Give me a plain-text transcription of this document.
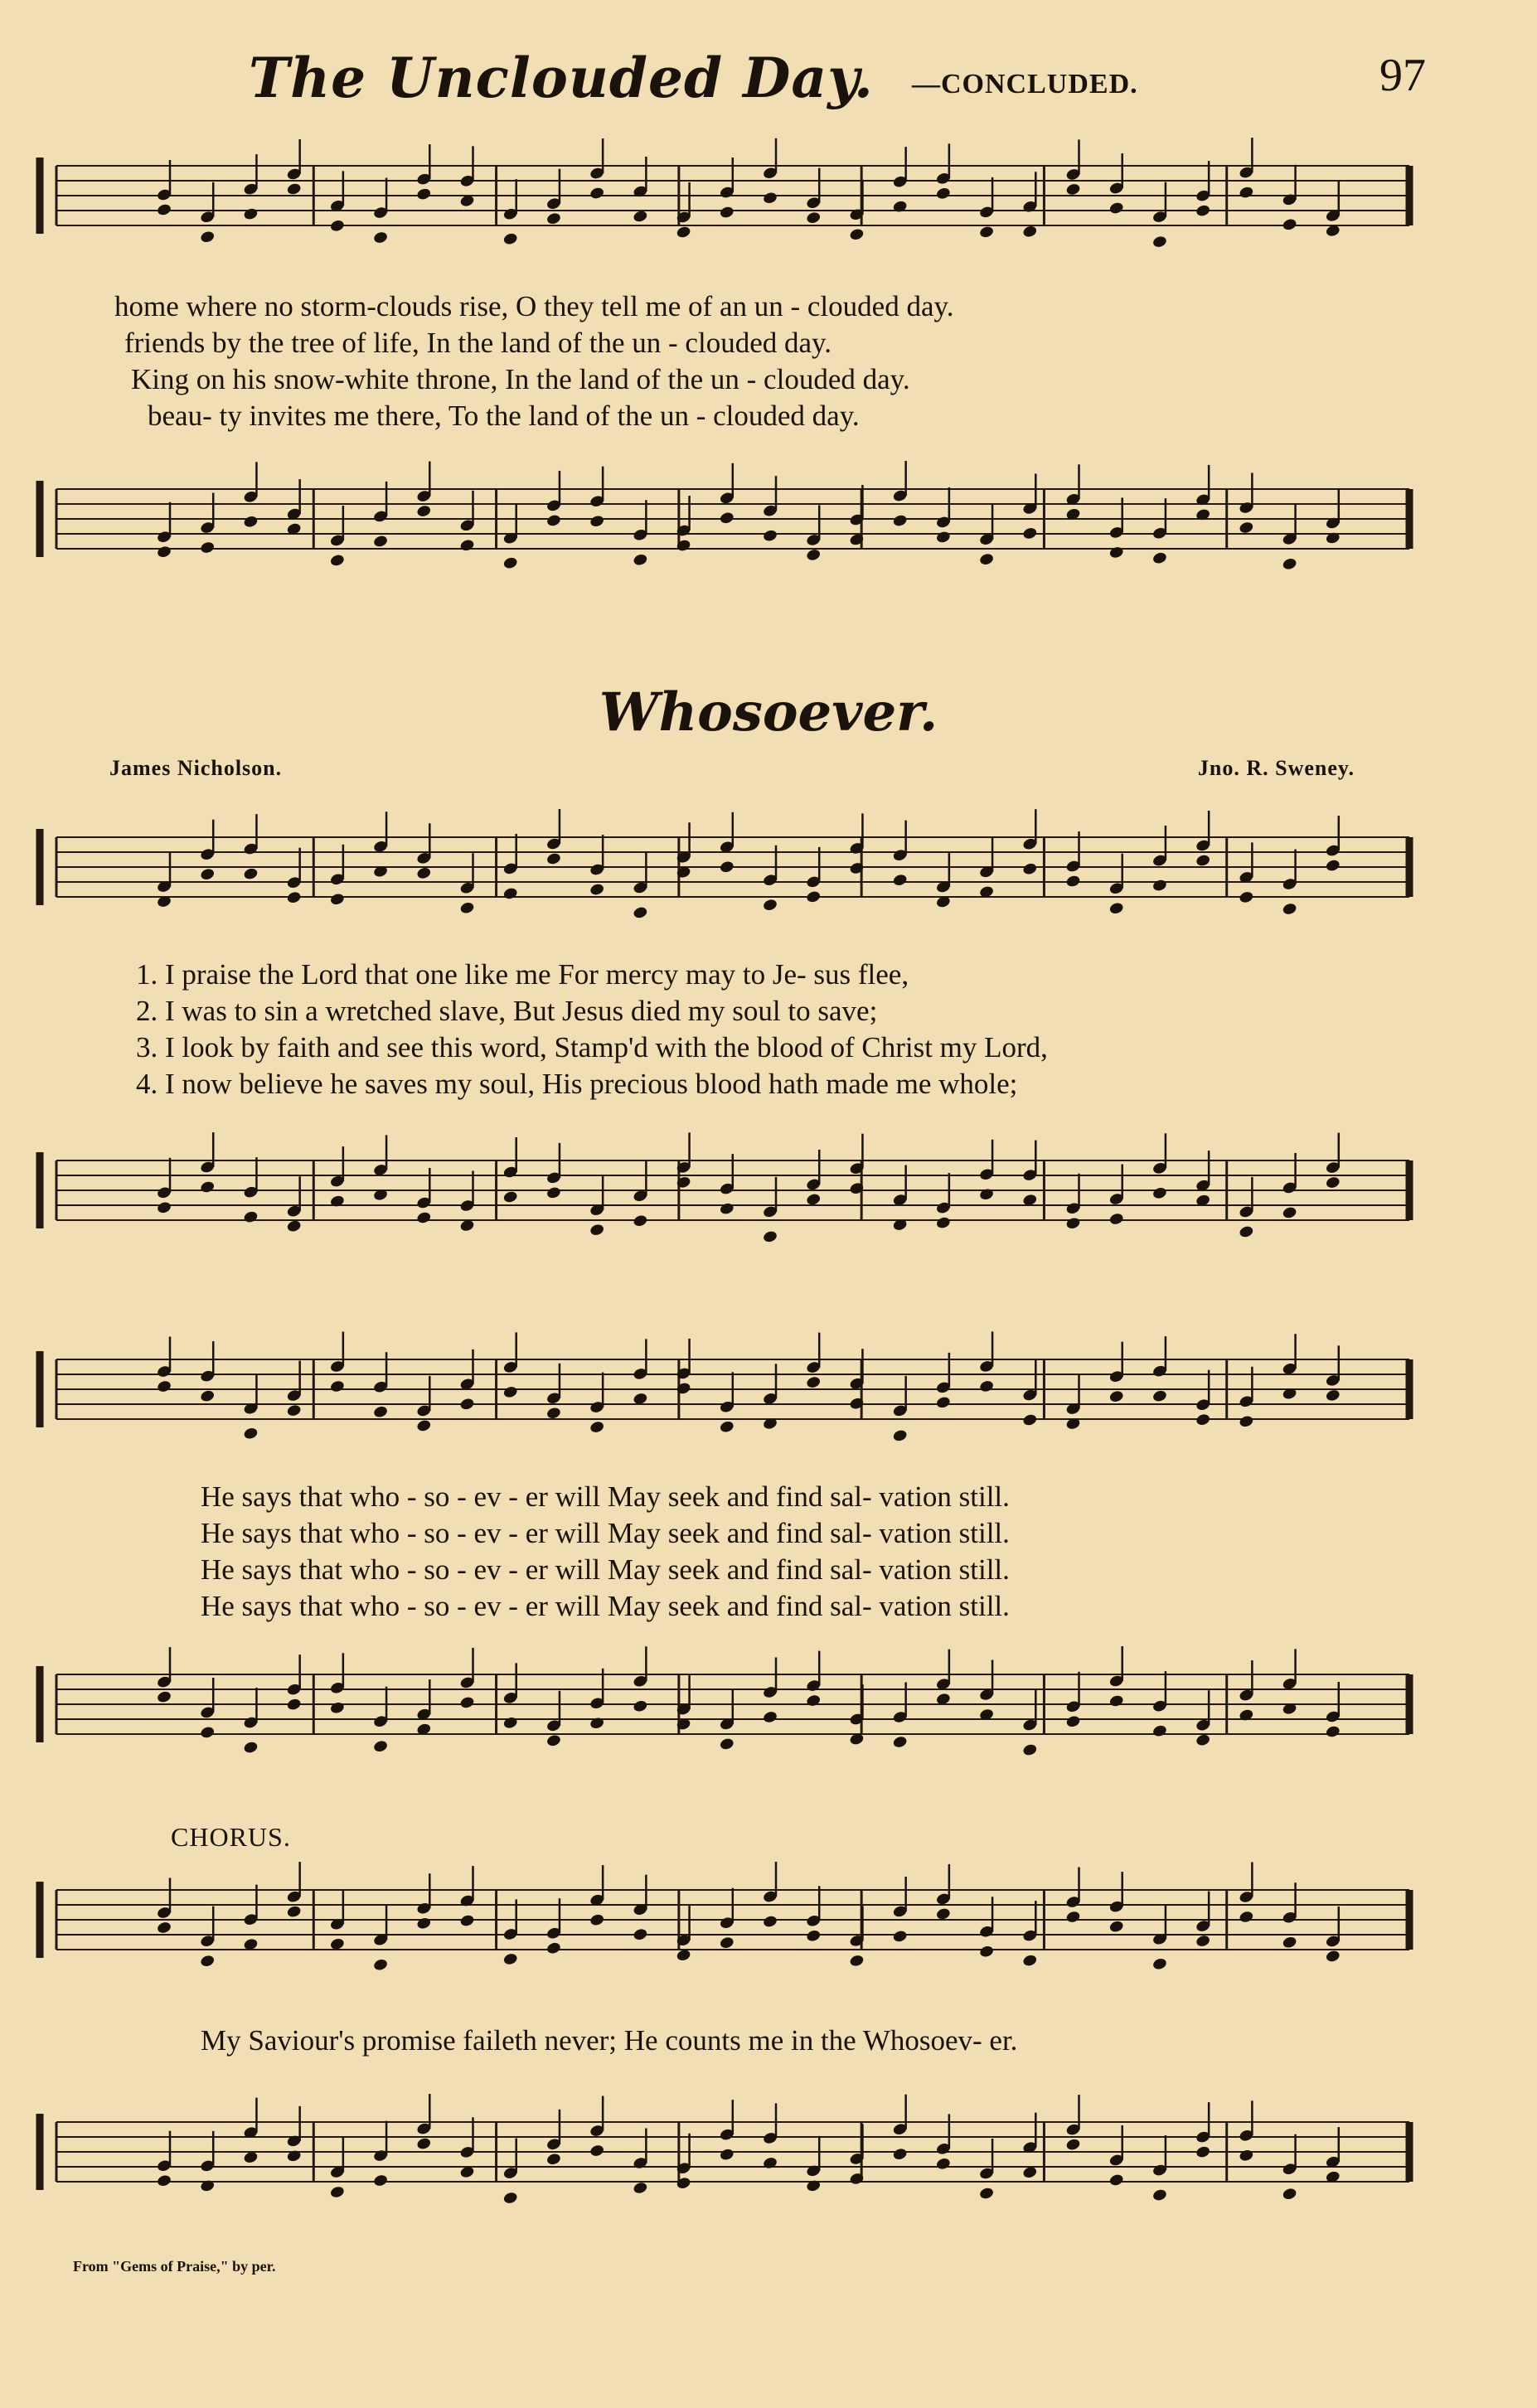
The Unclouded Day. —CONCLUDED.	97
home where no storm-clouds rise, O they tell me of an un - clouded day.
friends by the tree of life, In the land of the un - clouded day.
King on his snow-white throne, In the land of the un - clouded day.
beau- ty invites me there, To the land of the un - clouded day.
Whosoever.
James Nicholson.	Jno. R. Sweney.
1. I praise the Lord that one like me For mercy may to Je- sus flee,
2. I was to sin a wretched slave, But Jesus died my soul to save;
3. I look by faith and see this word, Stamp'd with the blood of Christ my Lord,
4. I now believe he saves my soul, His precious blood hath made me whole;
He says that who - so - ev - er will May seek and find sal- vation still.
He says that who - so - ev - er will May seek and find sal- vation still.
He says that who - so - ev - er will May seek and find sal- vation still.
He says that who - so - ev - er will May seek and find sal- vation still.
CHORUS.
My Saviour's promise faileth never; He counts me in the Whosoev- er.
From "Gems of Praise," by per.
